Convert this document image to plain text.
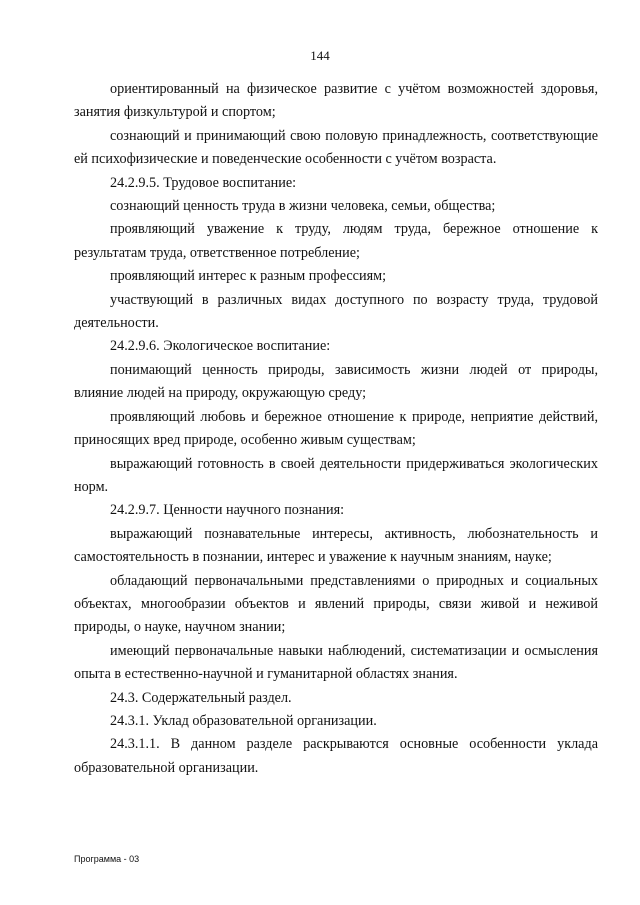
144

ориентированный на физическое развитие с учётом возможностей здоровья, занятия физкультурой и спортом;

сознающий и принимающий свою половую принадлежность, соответствующие ей психофизические и поведенческие особенности с учётом возраста.

24.2.9.5. Трудовое воспитание:

сознающий ценность труда в жизни человека, семьи, общества;

проявляющий уважение к труду, людям труда, бережное отношение к результатам труда, ответственное потребление;

проявляющий интерес к разным профессиям;

участвующий в различных видах доступного по возрасту труда, трудовой деятельности.

24.2.9.6. Экологическое воспитание:

понимающий ценность природы, зависимость жизни людей от природы, влияние людей на природу, окружающую среду;

проявляющий любовь и бережное отношение к природе, неприятие действий, приносящих вред природе, особенно живым существам;

выражающий готовность в своей деятельности придерживаться экологических норм.

24.2.9.7. Ценности научного познания:

выражающий познавательные интересы, активность, любознательность и самостоятельность в познании, интерес и уважение к научным знаниям, науке;

обладающий первоначальными представлениями о природных и социальных объектах, многообразии объектов и явлений природы, связи живой и неживой природы, о науке, научном знании;

имеющий первоначальные навыки наблюдений, систематизации и осмысления опыта в естественно-научной и гуманитарной областях знания.

24.3. Содержательный раздел.

24.3.1. Уклад образовательной организации.

24.3.1.1. В данном разделе раскрываются основные особенности уклада образовательной организации.

Программа - 03
